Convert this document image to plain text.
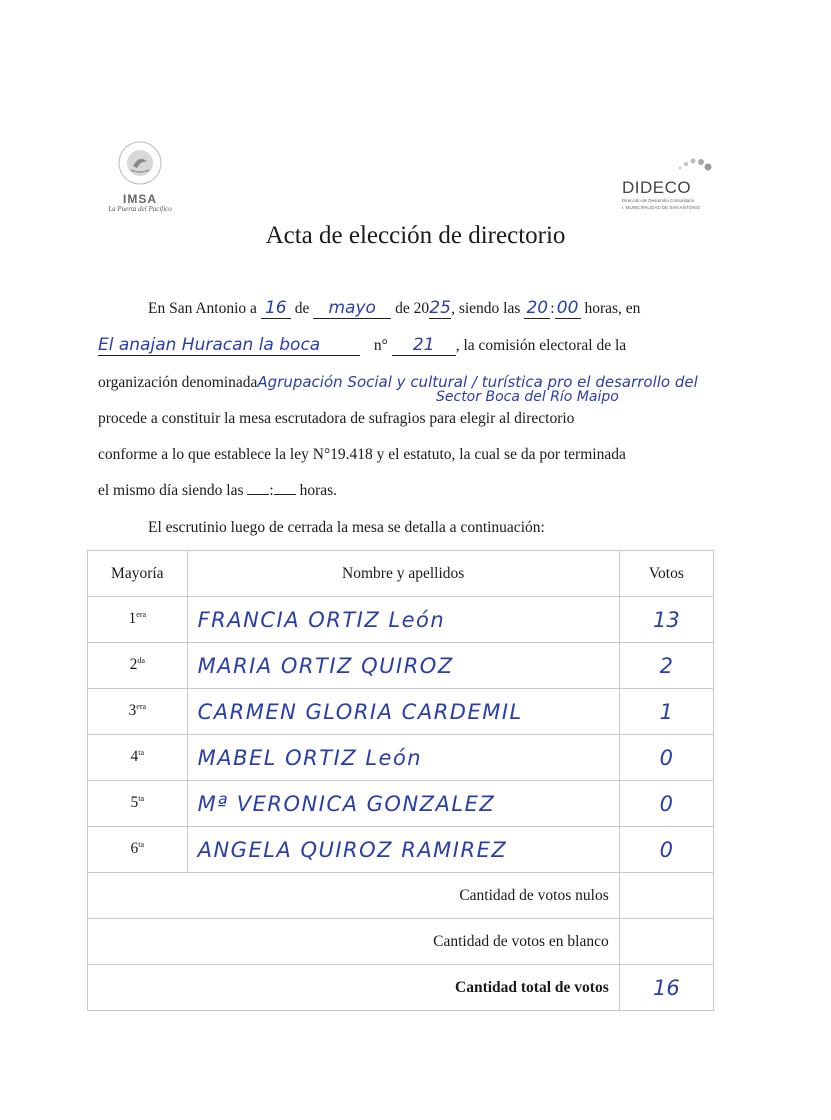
IMSA
La Puerta del Pacífico
DIDECO
Dirección de Desarrollo Comunitario
I. MUNICIPALIDAD DE SAN ANTONIO
Acta de elección de directorio
En San Antonio a 16 de mayo de 2025, siendo las 20 : 00 horas, en
El anajan Huracan la boca	n° 21 , la comisión electoral de la
organización denominadaAgrupación Social y cultural / turística pro el desarrollo del
Sector Boca del Río Maipo
procede a constituir la mesa escrutadora de sufragios para elegir al directorio
conforme a lo que establece la ley N°19.418 y el estatuto, la cual se da por terminada
el mismo día siendo las : horas.
El escrutinio luego de cerrada la mesa se detalla a continuación:
Mayoría	Nombre y apellidos	Votos
$1^{era}$	FRANCIA ORTIZ León	13
$2^{da}$	MARIA ORTIZ QUIROZ	2
$3^{era}$	CARMEN GLORIA CARDEMIL	1
$4^{ta}$	MABEL ORTIZ León	0
$5^{ta}$	Mª VERONICA GONZALEZ	0
$6^{ta}$	ANGELA QUIROZ RAMIREZ	0
Cantidad de votos nulos		
Cantidad de votos en blanco		
Cantidad total de votos		16
